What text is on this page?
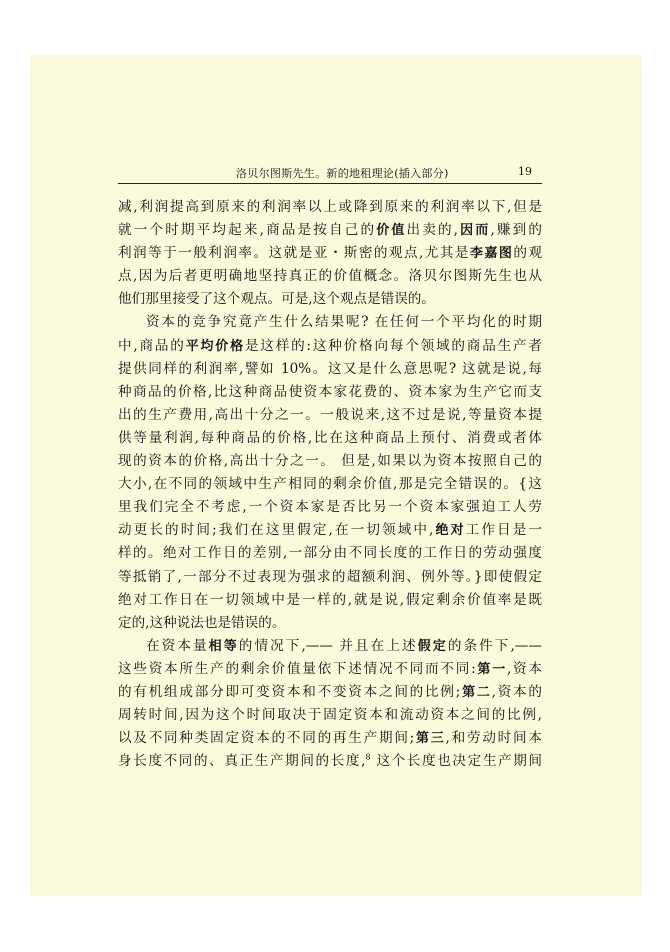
洛贝尔图斯先生。新的地租理论(插入部分)	19
减,利润提高到原来的利润率以上或降到原来的利润率以下,但是
就一个时期平均起来,商品是按自己的价值出卖的,因而,赚到的
利润等于一般利润率。这就是亚・斯密的观点,尤其是李嘉图的观
点,因为后者更明确地坚持真正的价值概念。洛贝尔图斯先生也从
他们那里接受了这个观点。可是,这个观点是错误的。
资本的竞争究竟产生什么结果呢? 在任何一个平均化的时期
中,商品的平均价格是这样的:这种价格向每个领域的商品生产者
提供同样的利润率,譬如 10%。这又是什么意思呢? 这就是说,每
种商品的价格,比这种商品使资本家花费的、资本家为生产它而支
出的生产费用,高出十分之一。一般说来,这不过是说,等量资本提
供等量利润,每种商品的价格,比在这种商品上预付、消费或者体
现的资本的价格,高出十分之一。 但是,如果以为资本按照自己的
大小,在不同的领域中生产相同的剩余价值,那是完全错误的。{这
里我们完全不考虑,一个资本家是否比另一个资本家强迫工人劳
动更长的时间;我们在这里假定,在一切领域中,绝对工作日是一
样的。绝对工作日的差别,一部分由不同长度的工作日的劳动强度
等抵销了,一部分不过表现为强求的超额利润、例外等。}即使假定
绝对工作日在一切领域中是一样的,就是说,假定剩余价值率是既
定的,这种说法也是错误的。
在资本量相等的情况下,—— 并且在上述假定的条件下,——
这些资本所生产的剩余价值量依下述情况不同而不同:第一,资本
的有机组成部分即可变资本和不变资本之间的比例;第二,资本的
周转时间,因为这个时间取决于固定资本和流动资本之间的比例,
以及不同种类固定资本的不同的再生产期间;第三,和劳动时间本
身长度不同的、真正生产期间的长度,$^8$ 这个长度也决定生产期间
